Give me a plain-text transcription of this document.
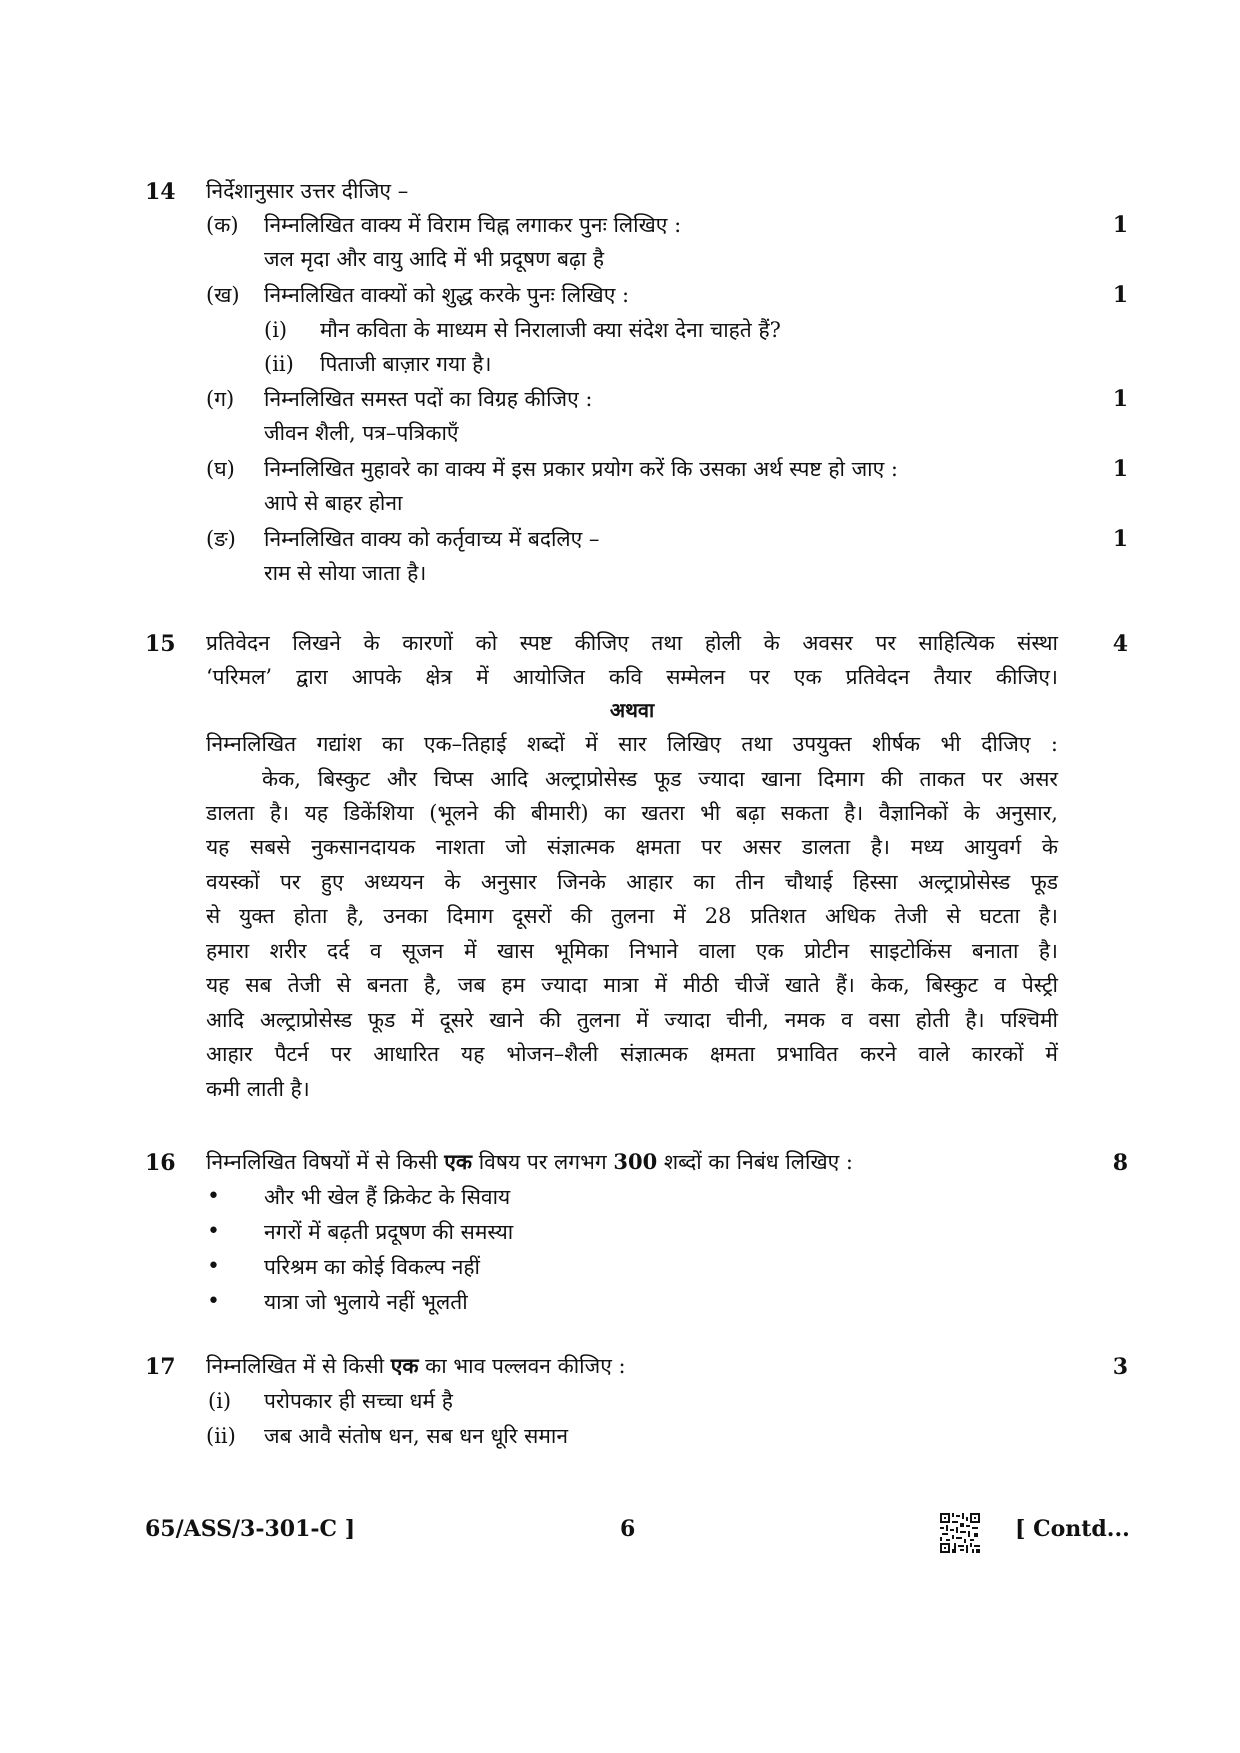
14 निर्देशानुसार उत्तर दीजिए –
(क) निम्नलिखित वाक्य में विराम चिह्न लगाकर पुनः लिखिए :	1
जल मृदा और वायु आदि में भी प्रदूषण बढ़ा है
(ख) निम्नलिखित वाक्यों को शुद्ध करके पुनः लिखिए :	1
(i) मौन कविता के माध्यम से निरालाजी क्या संदेश देना चाहते हैं?
(ii) पिताजी बाज़ार गया है।
(ग) निम्नलिखित समस्त पदों का विग्रह कीजिए :	1
जीवन शैली, पत्र–पत्रिकाएँ
(घ) निम्नलिखित मुहावरे का वाक्य में इस प्रकार प्रयोग करें कि उसका अर्थ स्पष्ट हो जाए :	1
आपे से बाहर होना
(ङ) निम्नलिखित वाक्य को कर्तृवाच्य में बदलिए –	1
राम से सोया जाता है।
15	4
प्रतिवेदन लिखने के कारणों को स्पष्ट कीजिए तथा होली के अवसर पर साहित्यिक संस्था
‘परिमल’ द्वारा आपके क्षेत्र में आयोजित कवि सम्मेलन पर एक प्रतिवेदन तैयार कीजिए।
अथवा
निम्नलिखित गद्यांश का एक–तिहाई शब्दों में सार लिखिए तथा उपयुक्त शीर्षक भी दीजिए :
केक, बिस्कुट और चिप्स आदि अल्ट्राप्रोसेस्ड फूड ज्यादा खाना दिमाग की ताकत पर असर
डालता है। यह डिकेंशिया (भूलने की बीमारी) का खतरा भी बढ़ा सकता है। वैज्ञानिकों के अनुसार,
यह सबसे नुकसानदायक नाशता जो संज्ञात्मक क्षमता पर असर डालता है। मध्य आयुवर्ग के
वयस्कों पर हुए अध्ययन के अनुसार जिनके आहार का तीन चौथाई हिस्सा अल्ट्राप्रोसेस्ड फूड
से युक्त होता है, उनका दिमाग दूसरों की तुलना में 28 प्रतिशत अधिक तेजी से घटता है।
हमारा शरीर दर्द व सूजन में खास भूमिका निभाने वाला एक प्रोटीन साइटोकिंस बनाता है।
यह सब तेजी से बनता है, जब हम ज्यादा मात्रा में मीठी चीजें खाते हैं। केक, बिस्कुट व पेस्ट्री
आदि अल्ट्राप्रोसेस्ड फूड में दूसरे खाने की तुलना में ज्यादा चीनी, नमक व वसा होती है। पश्चिमी
आहार पैटर्न पर आधारित यह भोजन–शैली संज्ञात्मक क्षमता प्रभावित करने वाले कारकों में
कमी लाती है।
16	8
निम्नलिखित विषयों में से किसी एक विषय पर लगभग 300 शब्दों का निबंध लिखिए :
• और भी खेल हैं क्रिकेट के सिवाय
• नगरों में बढ़ती प्रदूषण की समस्या
• परिश्रम का कोई विकल्प नहीं
• यात्रा जो भुलाये नहीं भूलती
17	3
निम्नलिखित में से किसी एक का भाव पल्लवन कीजिए :
(i) परोपकार ही सच्चा धर्म है
(ii) जब आवै संतोष धन, सब धन धूरि समान
65/ASS/3-301-C ]	6	[ Contd...
